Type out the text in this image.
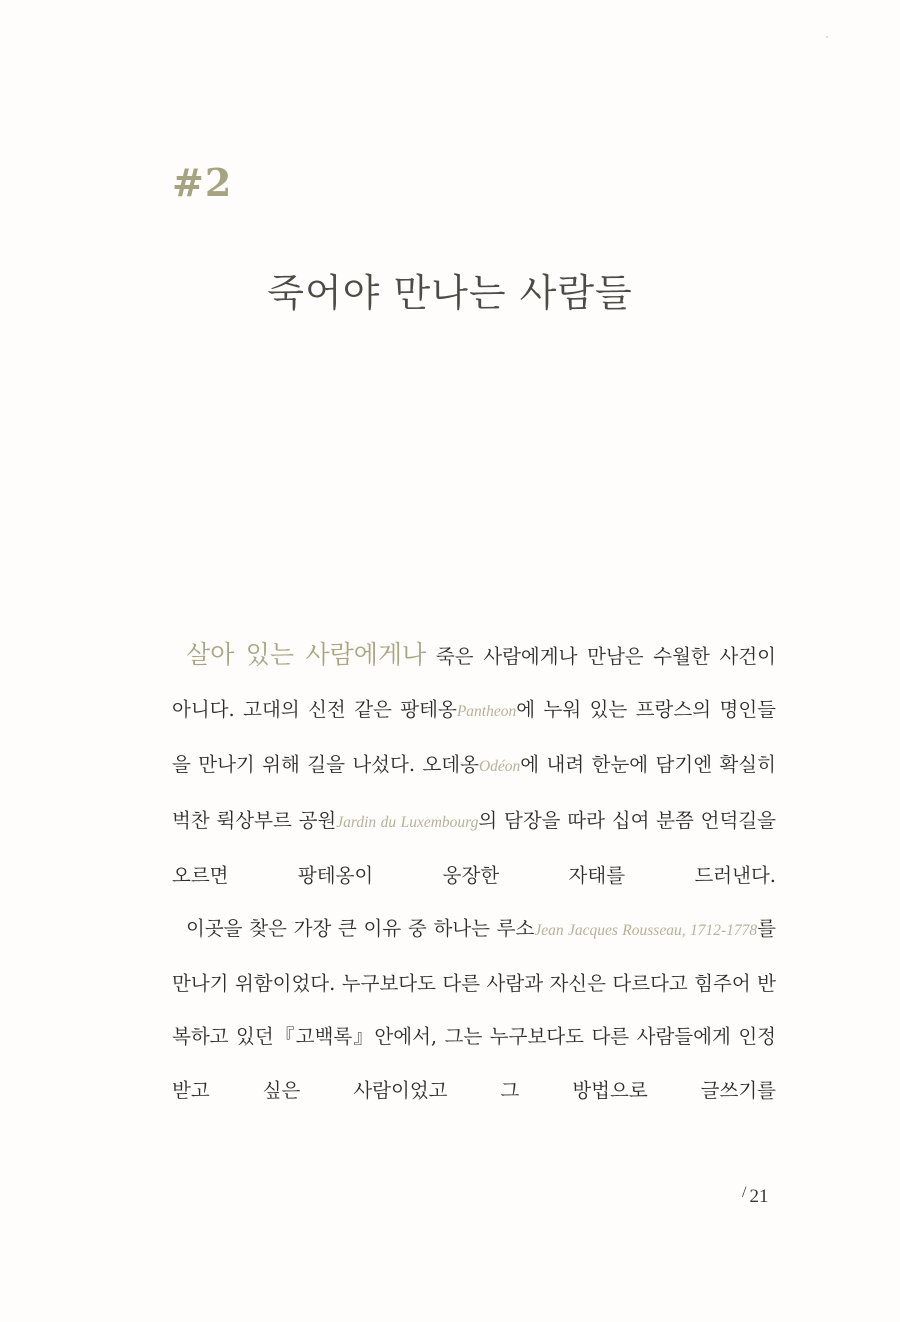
#2
죽어야 만나는 사람들

살아 있는 사람에게나 죽은 사람에게나 만남은 수월한 사건이 아니다. 고대의 신전 같은 팡테옹Pantheon에 누워 있는 프랑스의 명인들을 만나기 위해 길을 나섰다. 오데옹Odéon에 내려 한눈에 담기엔 확실히 벅찬 뤽상부르 공원Jardin du Luxembourg의 담장을 따라 십여 분쯤 언덕길을 오르면 팡테옹이 웅장한 자태를 드러낸다.

이곳을 찾은 가장 큰 이유 중 하나는 루소Jean Jacques Rousseau, 1712-1778를 만나기 위함이었다. 누구보다도 다른 사람과 자신은 다르다고 힘주어 반복하고 있던『고백록』안에서, 그는 누구보다도 다른 사람들에게 인정받고 싶은 사람이었고 그 방법으로 글쓰기를

/ 21
